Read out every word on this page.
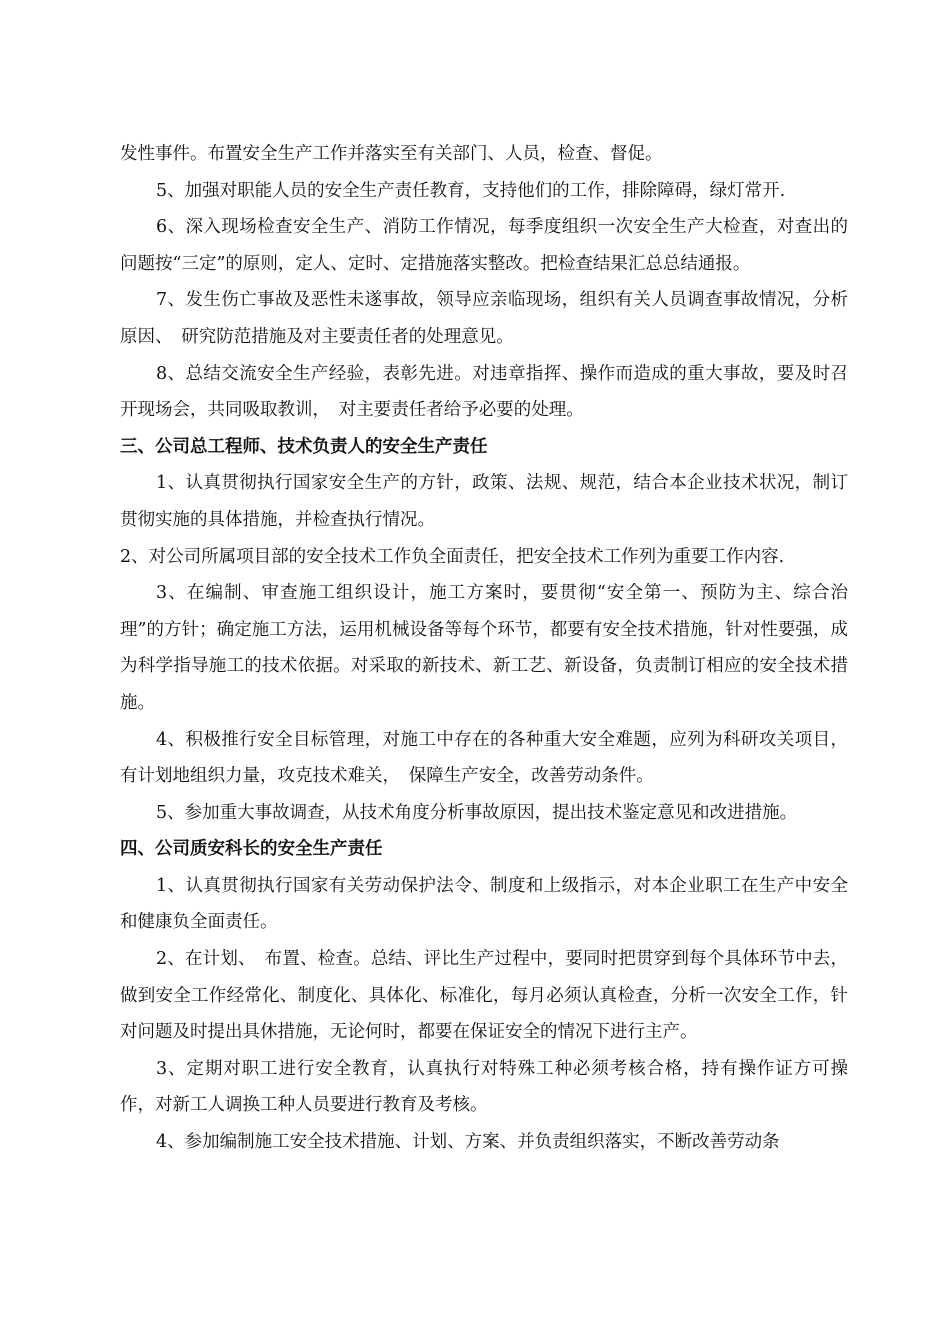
发性事件。布置安全生产工作并落实至有关部门、人员，检查、督促。

5、加强对职能人员的安全生产责任教育，支持他们的工作，排除障碍，绿灯常开.

6、深入现场检查安全生产、消防工作情况，每季度组织一次安全生产大检查，对查出的问题按“三定”的原则，定人、定时、定措施落实整改。把检查结果汇总总结通报。

7、发生伤亡事故及恶性未遂事故，领导应亲临现场，组织有关人员调查事故情况，分析原因、　研究防范措施及对主要责任者的处理意见。

8、总结交流安全生产经验，表彰先进。对违章指挥、操作而造成的重大事故，要及时召开现场会，共同吸取教训，　对主要责任者给予必要的处理。

三、公司总工程师、技术负责人的安全生产责任

1、认真贯彻执行国家安全生产的方针，政策、法规、规范，结合本企业技术状况，制订贯彻实施的具体措施，并检查执行情况。

2、对公司所属项目部的安全技术工作负全面责任，把安全技术工作列为重要工作内容.

3、在编制、审查施工组织设计，施工方案时，要贯彻“安全第一、预防为主、综合治理”的方针；确定施工方法，运用机械设备等每个环节，都要有安全技术措施，针对性要强，成为科学指导施工的技术依据。对采取的新技术、新工艺、新设备，负责制订相应的安全技术措施。

4、积极推行安全目标管理，对施工中存在的各种重大安全难题，应列为科研攻关项目，有计划地组织力量，攻克技术难关，　保障生产安全，改善劳动条件。

5、参加重大事故调查，从技术角度分析事故原因，提出技术鉴定意见和改进措施。

四、公司质安科长的安全生产责任

1、认真贯彻执行国家有关劳动保护法令、制度和上级指示，对本企业职工在生产中安全和健康负全面责任。

2、在计划、　布置、检查。总结、评比生产过程中，要同时把贯穿到每个具体环节中去，做到安全工作经常化、制度化、具体化、标准化，每月必须认真检查，分析一次安全工作，针对问题及时提出具休措施，无论何时，都要在保证安全的情况下进行主产。

3、定期对职工进行安全教育，认真执行对特殊工种必须考核合格，持有操作证方可操作，对新工人调换工种人员要进行教育及考核。

4、参加编制施工安全技术措施、计划、方案、并负责组织落实，不断改善劳动条
